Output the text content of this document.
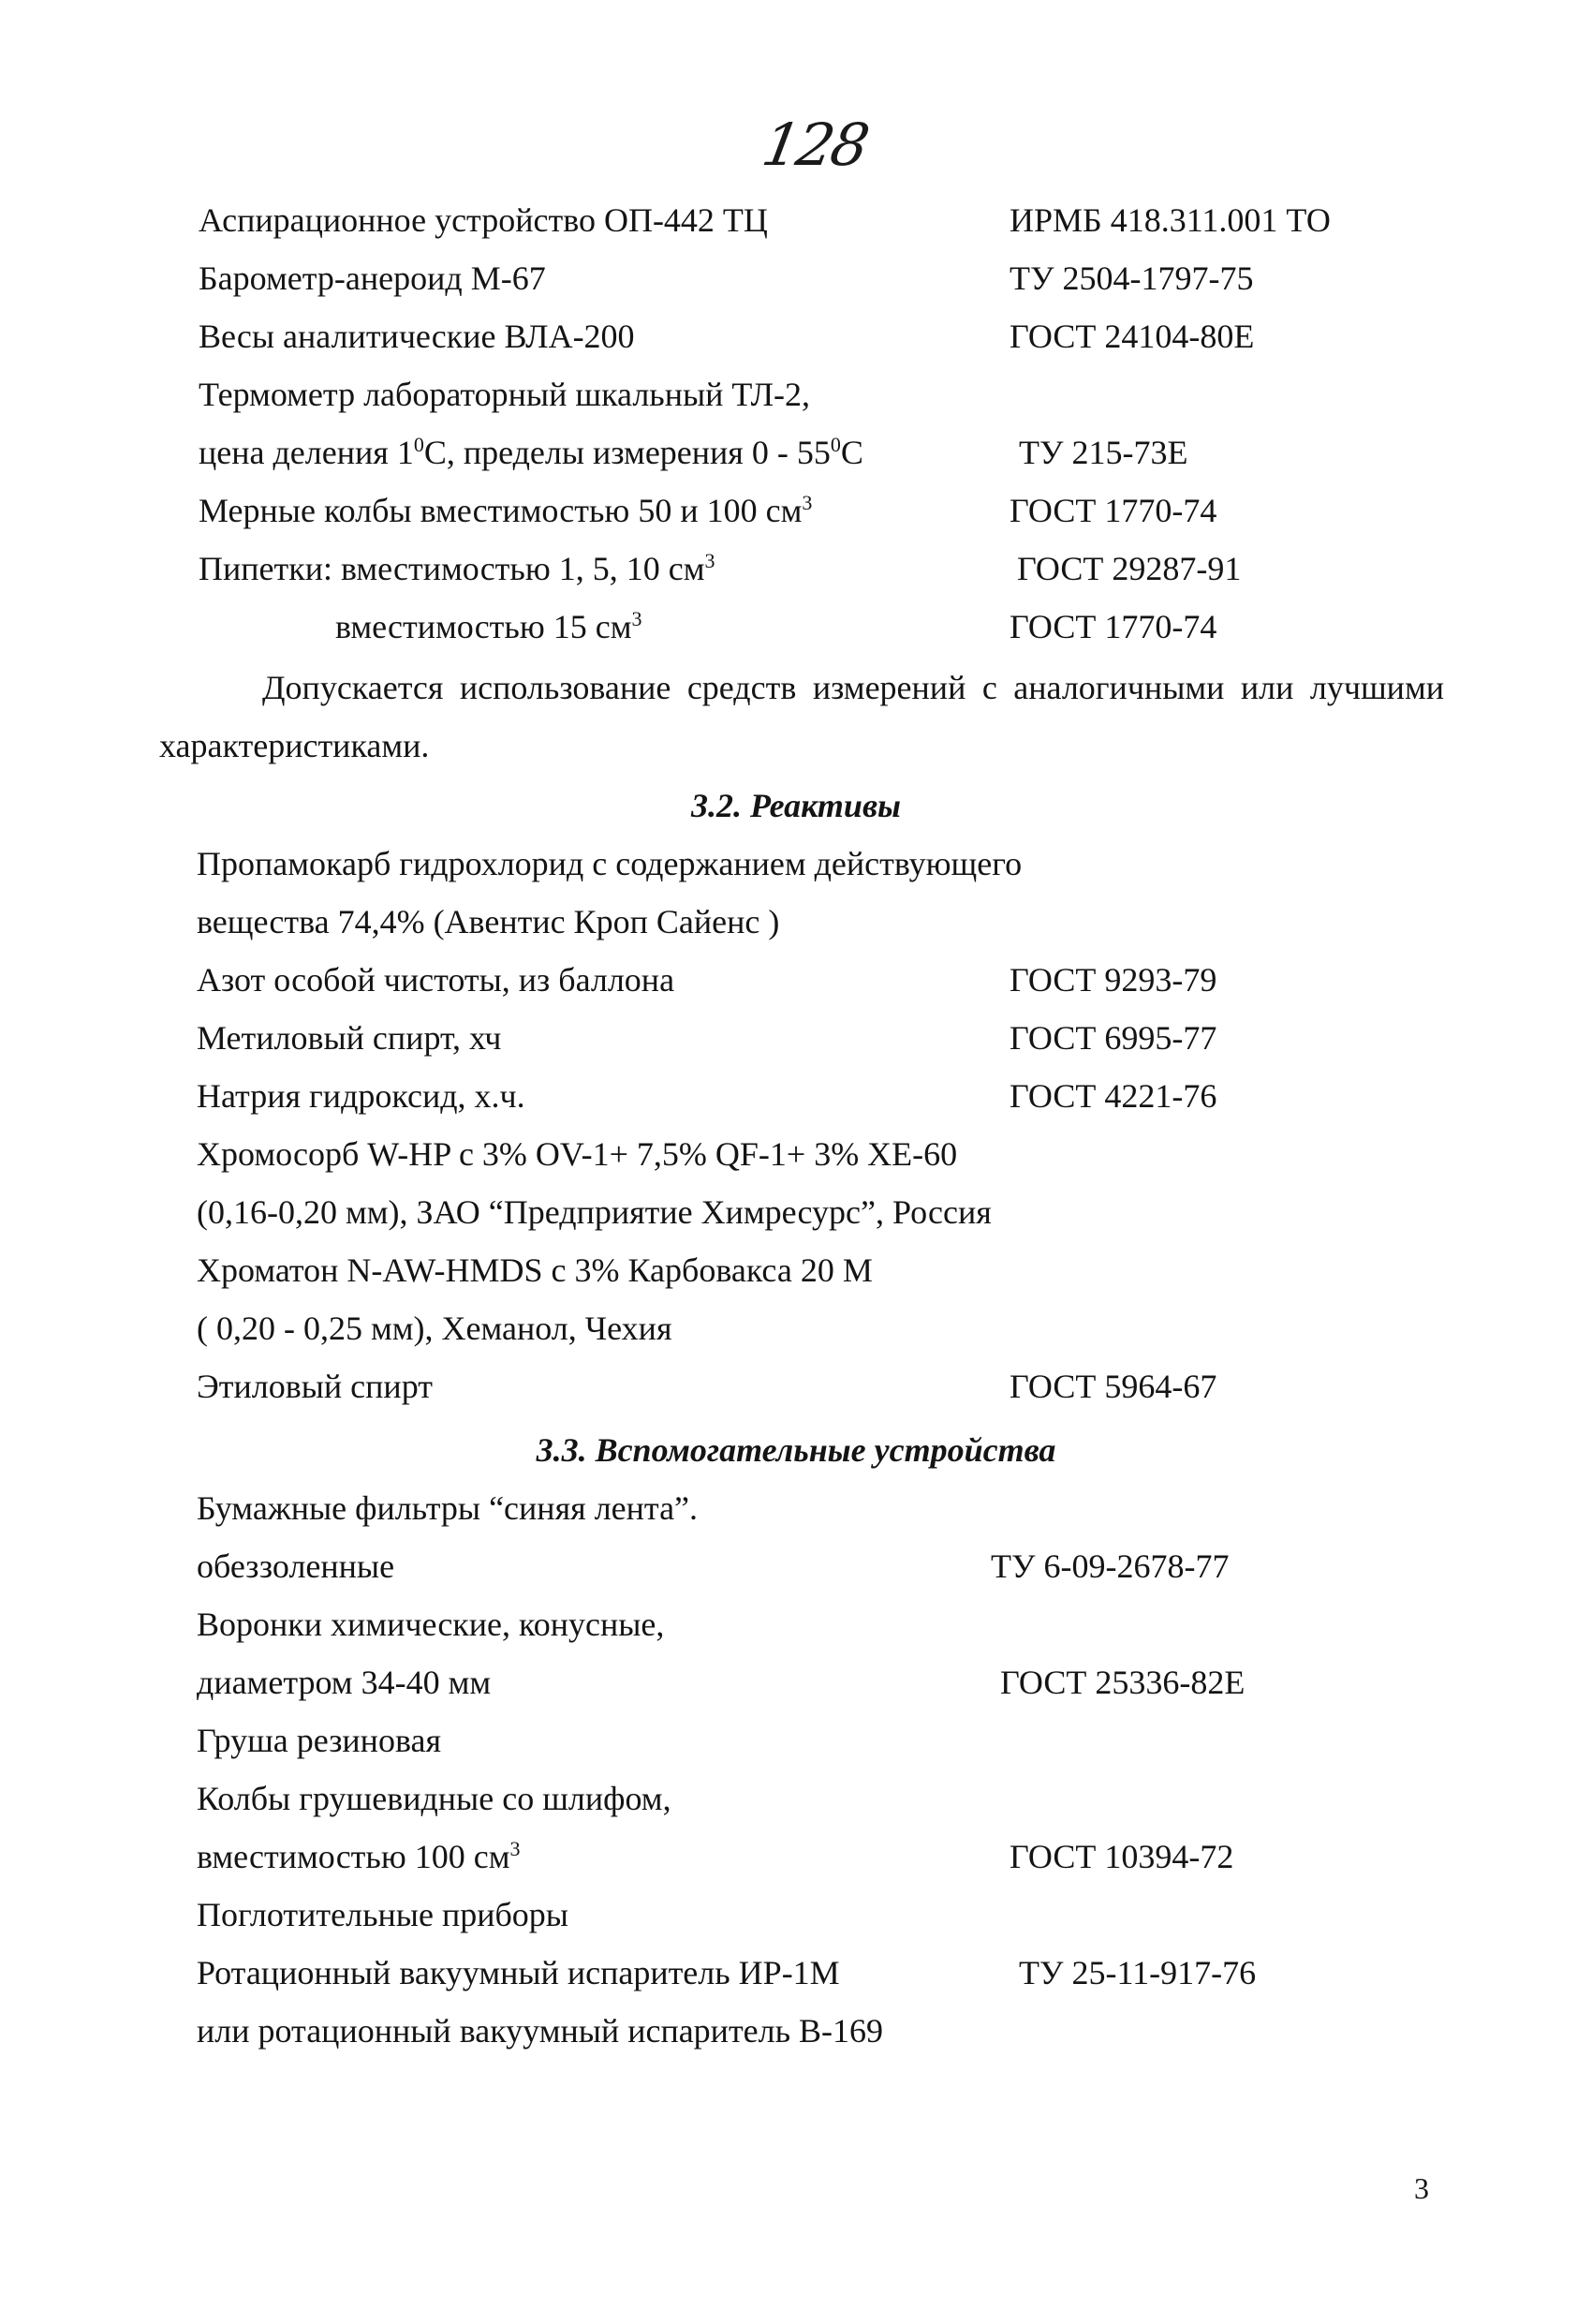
128
Аспирационное устройство ОП-442 ТЦ	ИРМБ 418.311.001 ТО
Барометр-анероид М-67	ТУ 2504-1797-75
Весы аналитические ВЛА-200	ГОСТ 24104-80Е
Термометр лабораторный шкальный ТЛ-2,
цена деления $1^0С$, пределы измерения $0 - 55^0С$	ТУ 215-73Е
Мерные колбы вместимостью 50 и 100 $см^3$	ГОСТ 1770-74
Пипетки: вместимостью 1, 5, 10 $см^3$	ГОСТ 29287-91
вместимостью 15 $см^3$	ГОСТ 1770-74
Допускается использование средств измерений с аналогичными или лучшими характеристиками.
3.2. Реактивы
Пропамокарб гидрохлорид с содержанием действующего
вещества 74,4% (Авентис Кроп Сайенс )
Азот особой чистоты, из баллона	ГОСТ 9293-79
Метиловый спирт, хч	ГОСТ 6995-77
Натрия гидроксид, х.ч.	ГОСТ 4221-76
Хромосорб W-HP с 3% OV-1+ 7,5% QF-1+ 3% XE-60
(0,16-0,20 мм), ЗАО “Предприятие Химресурс”, Россия
Хроматон N-AW-HMDS с 3% Карбовакса 20 М
( 0,20 - 0,25 мм), Хеманол, Чехия
Этиловый спирт	ГОСТ 5964-67
3.3. Вспомогательные устройства
Бумажные фильтры “синяя лента”.
обеззоленные	ТУ 6-09-2678-77
Воронки химические, конусные,
диаметром 34-40 мм	ГОСТ 25336-82Е
Груша резиновая
Колбы грушевидные со шлифом,
вместимостью 100 $см^3$	ГОСТ 10394-72
Поглотительные приборы
Ротационный вакуумный испаритель ИР-1М	ТУ 25-11-917-76
или ротационный вакуумный испаритель В-169
3
